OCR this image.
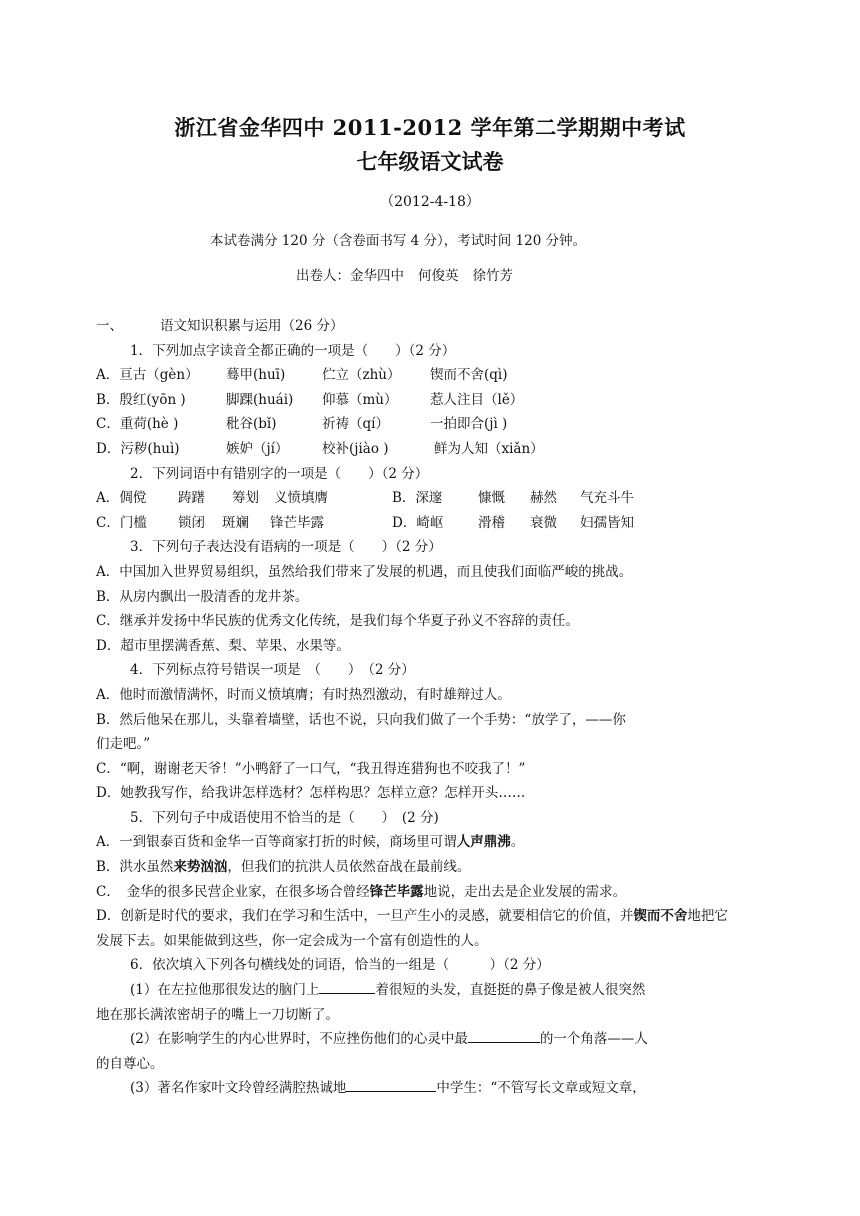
浙江省金华四中 2011-2012 学年第二学期期中考试
七年级语文试卷
（2012-4-18）
本试卷满分 120 分（含卷面书写 4 分），考试时间 120 分钟。
出卷人：金华四中 何俊英 徐竹芳
一、	语文知识积累与运用（26 分）
1．下列加点字读音全都正确的一项是（　　）（2 分）
A．亘古（gèn） 蓦甲(huī)	伫立（zhù） 锲而不舍(qì)
B．殷红(yōn )	脚踝(huái) 仰慕（mù） 惹人注目（lě）
C．重荷(hè )	秕谷(bǐ)	祈祷（qí）	一拍即合(jì )
D．污秽(huì)	嫉妒（jí） 校补(jiào )	鲜为人知（xiǎn）
2．下列词语中有错别字的一项是（　　）（2 分）
A．倜傥 踌躇 筹划 义愤填膺	B．深邃	慷慨 赫然 气充斗牛
C．门槛 锁闭 斑斓 锋芒毕露	D．崎岖	滑稽 衰微 妇孺皆知
3．下列句子表达没有语病的一项是（　　）（2 分）
A．中国加入世界贸易组织，虽然给我们带来了发展的机遇，而且使我们面临严峻的挑战。
B．从房内飘出一股清香的龙井茶。
C．继承并发扬中华民族的优秀文化传统，是我们每个华夏子孙义不容辞的责任。
D．超市里摆满香蕉、梨、苹果、水果等。
4．下列标点符号错误一项是　（　　）　（2 分）
A．他时而激情满怀，时而义愤填膺；有时热烈激动，有时雄辩过人。
B．然后他呆在那儿，头靠着墙壁，话也不说，只向我们做了一个手势：“放学了，——你
们走吧。”
C．“啊，谢谢老天爷！”小鸭舒了一口气，“我丑得连猎狗也不咬我了！”
D．她教我写作，给我讲怎样选材？怎样构思？怎样立意？怎样开头……
5．下列句子中成语使用不恰当的是（　　）　(2 分)
A．一到银泰百货和金华一百等商家打折的时候，商场里可谓人声鼎沸。
B．洪水虽然来势汹汹，但我们的抗洪人员依然奋战在最前线。
C．　金华的很多民营企业家，在很多场合曾经锋芒毕露地说，走出去是企业发展的需求。
D．创新是时代的要求，我们在学习和生活中，一旦产生小的灵感，就要相信它的价值，并锲而不舍地把它发展下去。如果能做到这些，你一定会成为一个富有创造性的人。
6．依次填入下列各句横线处的词语，恰当的一组是（　　　）（2 分）
(1）在左拉他那很发达的脑门上	着很短的头发，直挺挺的鼻子像是被人很突然
地在那长满浓密胡子的嘴上一刀切断了。
(2）在影响学生的内心世界时，不应挫伤他们的心灵中最	的一个角落——人
的自尊心。
(3）著名作家叶文玲曾经满腔热诚地	中学生：“不管写长文章或短文章，
